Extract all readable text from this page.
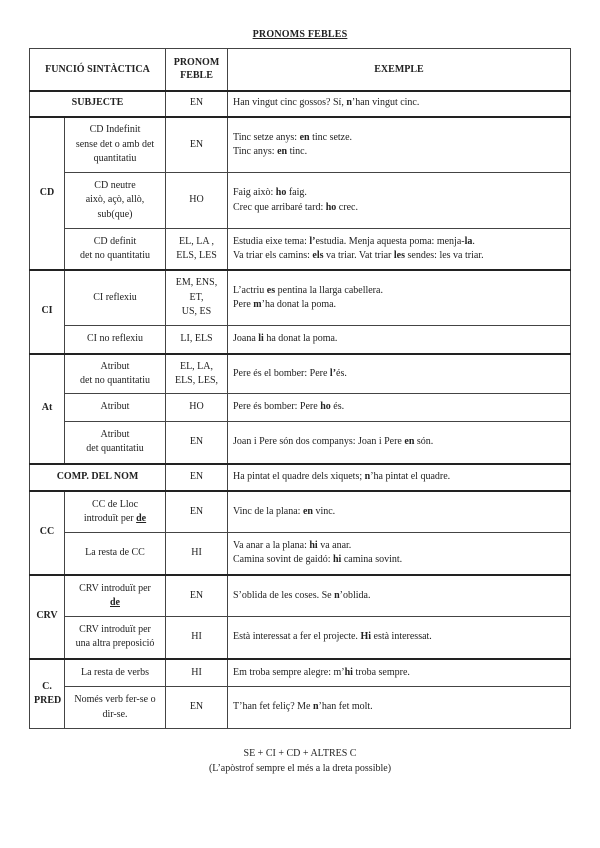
PRONOMS FEBLES
FUNCIÓ SINTÀCTICA		PRONOM
FEBLE	EXEMPLE
SUBJECTE		EN	Han vingut cinc gossos? Sí, n’han vingut cinc.
CD	CD Indefinit
sense det o amb det
quantitatiu	EN	Tinc setze anys: en tinc setze.
Tinc anys: en tinc.
	CD neutre
això, açò, allò,
sub(que)	HO	Faig això: ho faig.
Crec que arribaré tard: ho crec.
	CD definit
det no quantitatiu	EL, LA ,
ELS, LES	Estudia eixe tema: l’estudia. Menja aquesta poma: menja-la.
Va triar els camins: els va triar. Vat triar les sendes: les va triar.
CI	CI reflexiu	EM, ENS,
ET,
US, ES	L’actriu es pentina la llarga cabellera.
Pere m’ha donat la poma.
	CI no reflexiu	LI, ELS	Joana li ha donat la poma.
At	Atribut
det no quantitatiu	EL, LA,
ELS, LES,	Pere és el bomber: Pere l’és.
	Atribut	HO	Pere és bomber: Pere ho és.
	Atribut
det quantitatiu	EN	Joan i Pere són dos companys: Joan i Pere en són.
COMP. DEL NOM		EN	Ha pintat el quadre dels xiquets; n’ha pintat el quadre.
CC	CC de Lloc
introduït per de	EN	Vinc de la plana: en vinc.
	La resta de CC	HI	Va anar a la plana: hi va anar.
Camina sovint de gaidó: hi camina sovint.
CRV	CRV introduït per
de	EN	S’oblida de les coses. Se n’oblida.
	CRV introduït per
una altra preposició	HI	Està interessat a fer el projecte. Hi està interessat.
C.
PRED	La resta de verbs	HI	Em troba sempre alegre: m’hi troba sempre.
	Només verb fer-se o
dir-se.	EN	T’han fet feliç? Me n’han fet molt.
SE + CI + CD + ALTRES C
(L’apòstrof sempre el més a la dreta possible)
